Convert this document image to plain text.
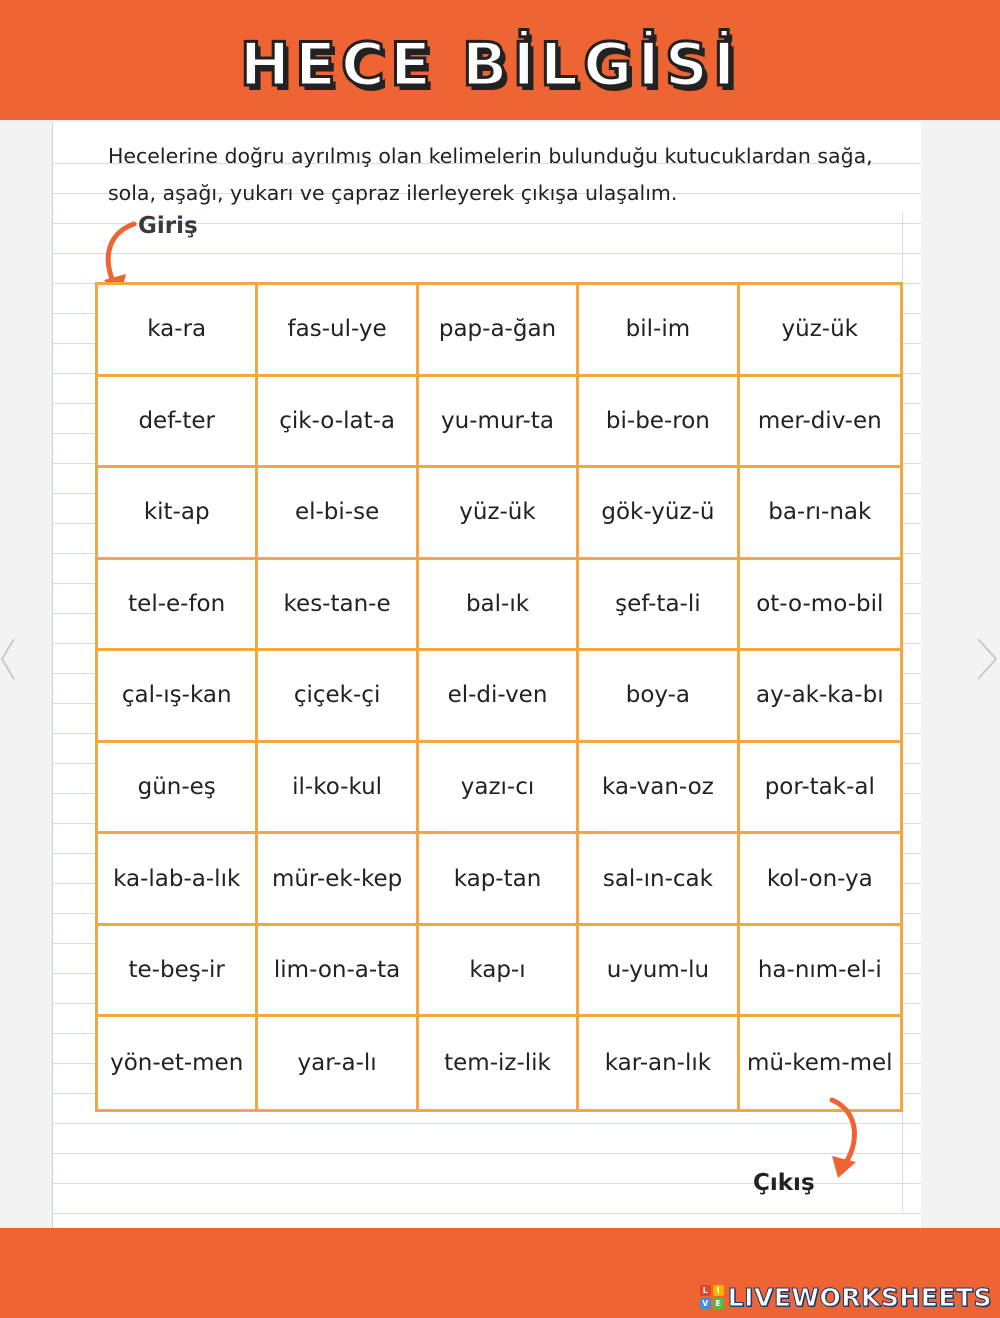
HECE BİLGİSİ

Hecelerine doğru ayrılmış olan kelimelerin bulunduğu kutucuklardan sağa, sola, aşağı, yukarı ve çapraz ilerleyerek çıkışa ulaşalım.

Giriş
ka-ra	fas-ul-ye	pap-a-ğan	bil-im	yüz-ük
def-ter	çik-o-lat-a	yu-mur-ta	bi-be-ron	mer-div-en
kit-ap	el-bi-se	yüz-ük	gök-yüz-ü	ba-rı-nak
tel-e-fon	kes-tan-e	bal-ık	şef-ta-li	ot-o-mo-bil
çal-ış-kan	çiçek-çi	el-di-ven	boy-a	ay-ak-ka-bı
gün-eş	il-ko-kul	yazı-cı	ka-van-oz	por-tak-al
ka-lab-a-lık	mür-ek-kep	kap-tan	sal-ın-cak	kol-on-ya
te-beş-ir	lim-on-a-ta	kap-ı	u-yum-lu	ha-nım-el-i
yön-et-men	yar-a-lı	tem-iz-lik	kar-an-lık	mü-kem-mel
Çıkış
L	I
V E LIVEWORKSHEETS
